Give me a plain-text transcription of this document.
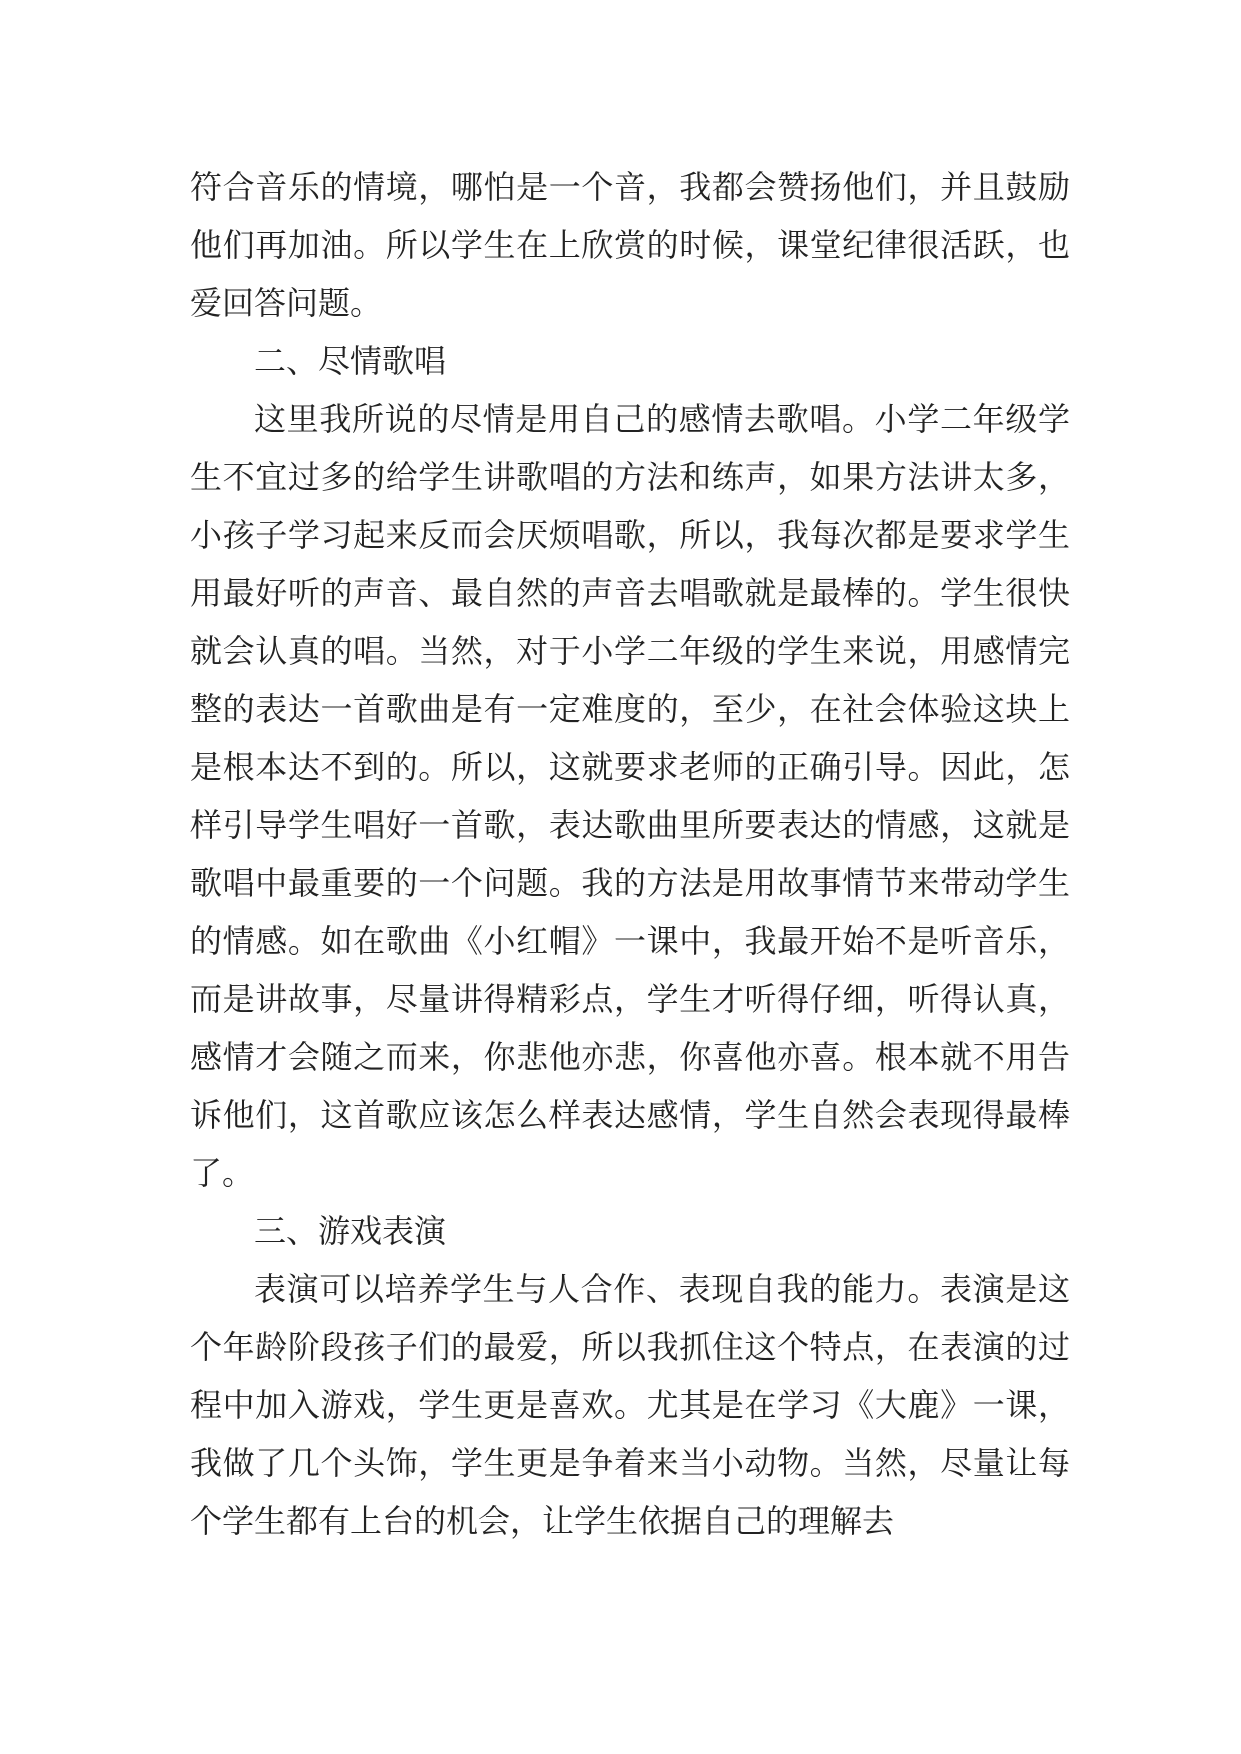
符合音乐的情境，哪怕是一个音，我都会赞扬他们，并且鼓励他们再加油。所以学生在上欣赏的时候，课堂纪律很活跃，也爱回答问题。

二、尽情歌唱

这里我所说的尽情是用自己的感情去歌唱。小学二年级学生不宜过多的给学生讲歌唱的方法和练声，如果方法讲太多，小孩子学习起来反而会厌烦唱歌，所以，我每次都是要求学生用最好听的声音、最自然的声音去唱歌就是最棒的。学生很快就会认真的唱。当然，对于小学二年级的学生来说，用感情完整的表达一首歌曲是有一定难度的，至少，在社会体验这块上是根本达不到的。所以，这就要求老师的正确引导。因此，怎样引导学生唱好一首歌，表达歌曲里所要表达的情感，这就是歌唱中最重要的一个问题。我的方法是用故事情节来带动学生的情感。如在歌曲《小红帽》一课中，我最开始不是听音乐，而是讲故事，尽量讲得精彩点，学生才听得仔细，听得认真，感情才会随之而来，你悲他亦悲，你喜他亦喜。根本就不用告诉他们，这首歌应该怎么样表达感情，学生自然会表现得最棒了。

三、游戏表演

表演可以培养学生与人合作、表现自我的能力。表演是这个年龄阶段孩子们的最爱，所以我抓住这个特点，在表演的过程中加入游戏，学生更是喜欢。尤其是在学习《大鹿》一课，我做了几个头饰，学生更是争着来当小动物。当然，尽量让每个学生都有上台的机会，让学生依据自己的理解去
